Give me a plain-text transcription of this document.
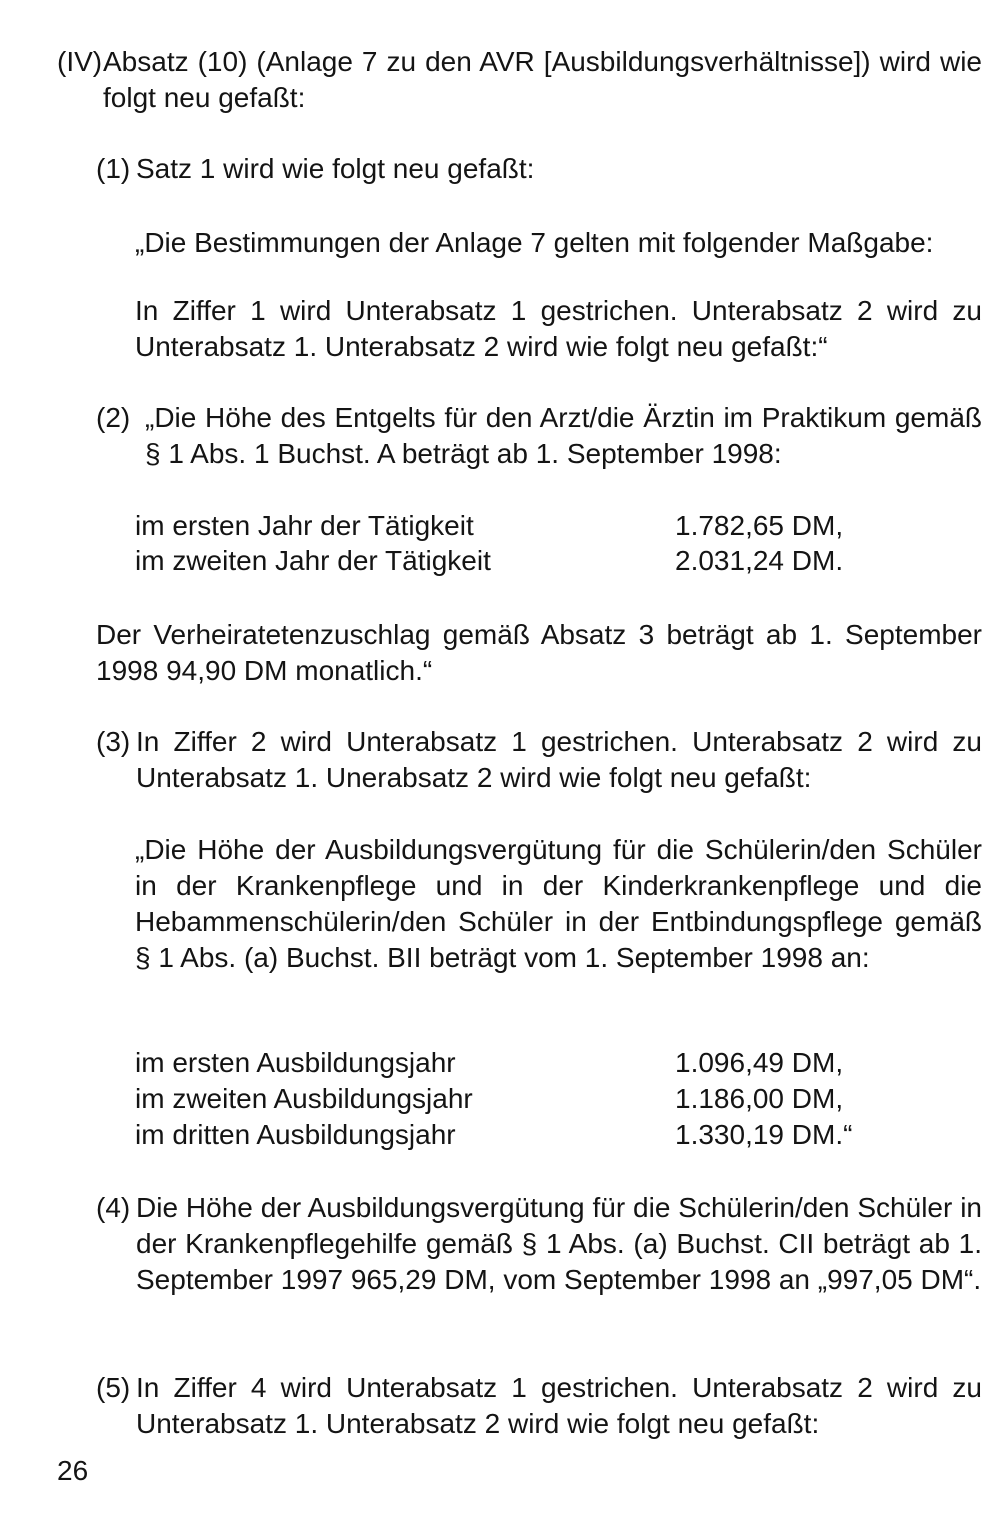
(IV) Absatz (10) (Anlage 7 zu den AVR [Ausbildungsverhältnisse]) wird wie folgt neu gefaßt:
(1) Satz 1 wird wie folgt neu gefaßt:

„Die Bestimmungen der Anlage 7 gelten mit folgender Maßgabe:

In Ziffer 1 wird Unterabsatz 1 gestrichen. Unterabsatz 2 wird zu Unterabsatz 1. Unterabsatz 2 wird wie folgt neu gefaßt:“

(2) „Die Höhe des Entgelts für den Arzt/die Ärztin im Praktikum gemäß § 1 Abs. 1 Buchst. A beträgt ab 1. September 1998:
im ersten Jahr der Tätigkeit	1.782,65 DM,
im zweiten Jahr der Tätigkeit	2.031,24 DM.

Der Verheiratetenzuschlag gemäß Absatz 3 beträgt ab 1. September 1998 94,90 DM monatlich.“

(3) In Ziffer 2 wird Unterabsatz 1 gestrichen. Unterabsatz 2 wird zu Unterabsatz 1. Unerabsatz 2 wird wie folgt neu gefaßt:

„Die Höhe der Ausbildungsvergütung für die Schülerin/den Schüler in der Krankenpflege und in der Kinderkrankenpflege und die Hebammenschülerin/den Schüler in der Entbindungspflege gemäß § 1 Abs. (a) Buchst. BII beträgt vom 1. September 1998 an:

im ersten Ausbildungsjahr	1.096,49 DM,
im zweiten Ausbildungsjahr	1.186,00 DM,
im dritten Ausbildungsjahr	1.330,19 DM.“
(4) Die Höhe der Ausbildungsvergütung für die Schülerin/den Schüler in der Krankenpflegehilfe gemäß § 1 Abs. (a) Buchst. CII beträgt ab 1. September 1997 965,29 DM, vom September 1998 an „997,05 DM“.
(5) In Ziffer 4 wird Unterabsatz 1 gestrichen. Unterabsatz 2 wird zu Unterabsatz 1. Unterabsatz 2 wird wie folgt neu gefaßt:
26
